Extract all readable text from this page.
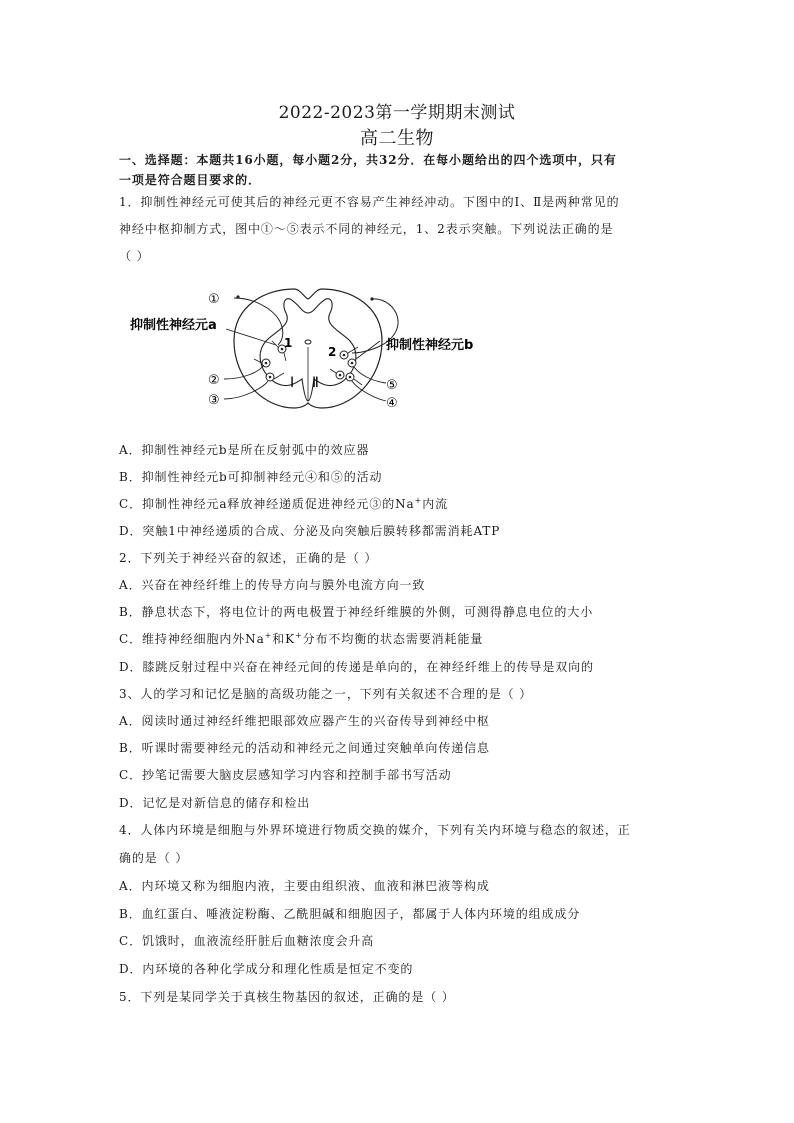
2022-2023第一学期期末测试
高二生物
一、选择题：本题共16小题，每小题2分，共32分．在每小题给出的四个选项中，只有
一项是符合题目要求的．
1．抑制性神经元可使其后的神经元更不容易产生神经冲动。下图中的Ⅰ、Ⅱ是两种常见的
神经中枢抑制方式，图中①～⑤表示不同的神经元，1、2表示突触。下列说法正确的是
（ ）
①
抑制性神经元a
1
2	抑制性神经元b
②
③
⑤
④
Ⅰ Ⅱ
A．抑制性神经元b是所在反射弧中的效应器
B．抑制性神经元b可抑制神经元④和⑤的活动
C．抑制性神经元a释放神经递质促进神经元③的Na+内流
D．突触1中神经递质的合成、分泌及向突触后膜转移都需消耗ATP
2．下列关于神经兴奋的叙述，正确的是（ ）
A．兴奋在神经纤维上的传导方向与膜外电流方向一致
B．静息状态下，将电位计的两电极置于神经纤维膜的外侧，可测得静息电位的大小
C．维持神经细胞内外Na+和K+分布不均衡的状态需要消耗能量
D．膝跳反射过程中兴奋在神经元间的传递是单向的，在神经纤维上的传导是双向的
3、人的学习和记忆是脑的高级功能之一，下列有关叙述不合理的是（ ）
A．阅读时通过神经纤维把眼部效应器产生的兴奋传导到神经中枢
B．听课时需要神经元的活动和神经元之间通过突触单向传递信息
C．抄笔记需要大脑皮层感知学习内容和控制手部书写活动
D．记忆是对新信息的储存和检出
4．人体内环境是细胞与外界环境进行物质交换的媒介，下列有关内环境与稳态的叙述，正
确的是（ ）
A．内环境又称为细胞内液，主要由组织液、血液和淋巴液等构成
B．血红蛋白、唾液淀粉酶、乙酰胆碱和细胞因子，都属于人体内环境的组成成分
C．饥饿时，血液流经肝脏后血糖浓度会升高
D．内环境的各种化学成分和理化性质是恒定不变的
5．下列是某同学关于真核生物基因的叙述，正确的是（ ）
